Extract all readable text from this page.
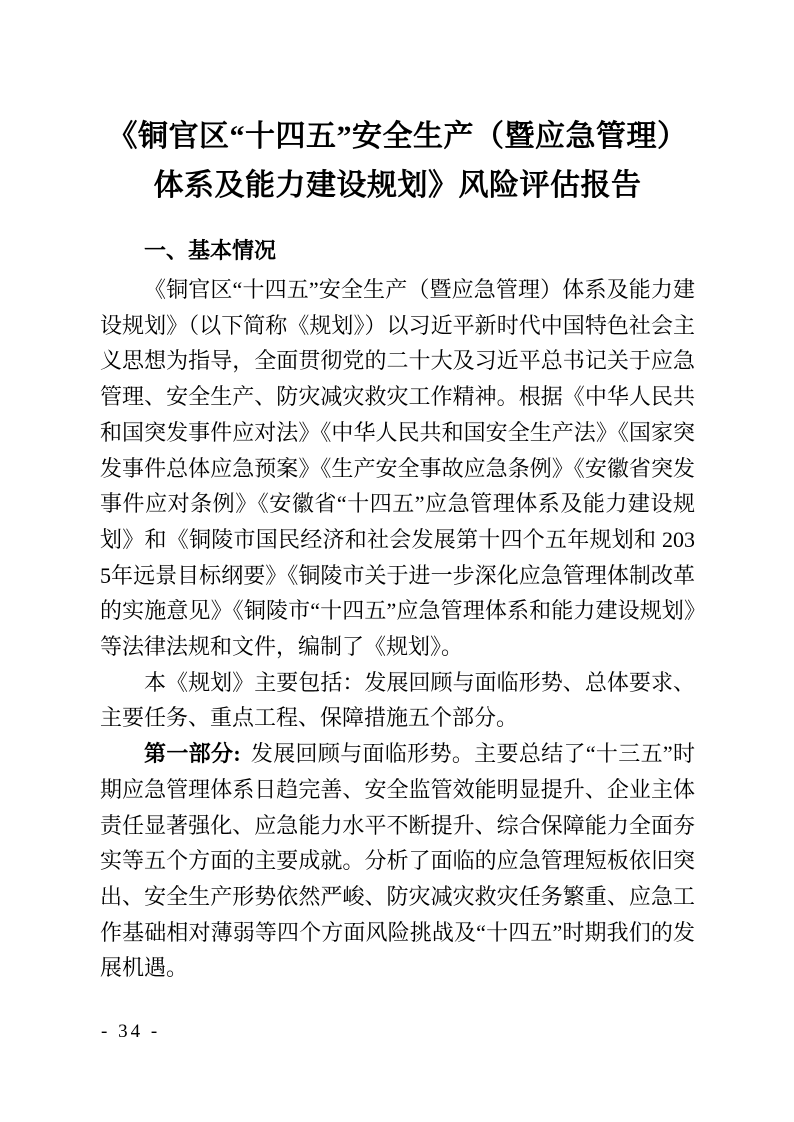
《铜官区“十四五”安全生产（暨应急管理）
体系及能力建设规划》风险评估报告
一、基本情况

《铜官区“十四五”安全生产（暨应急管理）体系及能力建设规划》（以下简称《规划》）以习近平新时代中国特色社会主义思想为指导，全面贯彻党的二十大及习近平总书记关于应急管理、安全生产、防灾减灾救灾工作精神。根据《中华人民共和国突发事件应对法》《中华人民共和国安全生产法》《国家突发事件总体应急预案》《生产安全事故应急条例》《安徽省突发事件应对条例》《安徽省“十四五”应急管理体系及能力建设规划》和《铜陵市国民经济和社会发展第十四个五年规划和 2035年远景目标纲要》《铜陵市关于进一步深化应急管理体制改革的实施意见》《铜陵市“十四五”应急管理体系和能力建设规划》等法律法规和文件，编制了《规划》。

本《规划》主要包括：发展回顾与面临形势、总体要求、主要任务、重点工程、保障措施五个部分。

第一部分: 发展回顾与面临形势。主要总结了“十三五”时期应急管理体系日趋完善、安全监管效能明显提升、企业主体责任显著强化、应急能力水平不断提升、综合保障能力全面夯实等五个方面的主要成就。分析了面临的应急管理短板依旧突出、安全生产形势依然严峻、防灾减灾救灾任务繁重、应急工作基础相对薄弱等四个方面风险挑战及“十四五”时期我们的发展机遇。

- 34 -
